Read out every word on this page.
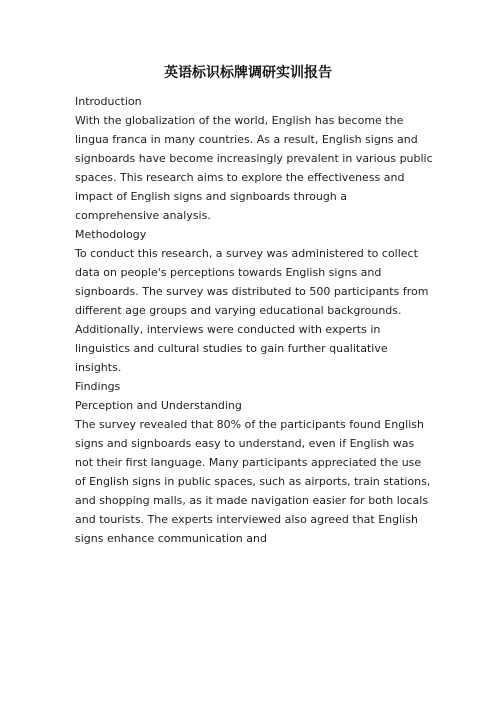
英语标识标牌调研实训报告

Introduction

With the globalization of the world, English has become the lingua franca in many countries. As a result, English signs and signboards have become increasingly prevalent in various public spaces. This research aims to explore the effectiveness and impact of English signs and signboards through a comprehensive analysis.

Methodology

To conduct this research, a survey was administered to collect data on people's perceptions towards English signs and signboards. The survey was distributed to 500 participants from different age groups and varying educational backgrounds. Additionally, interviews were conducted with experts in linguistics and cultural studies to gain further qualitative insights.

Findings

Perception and Understanding

The survey revealed that 80% of the participants found English signs and signboards easy to understand, even if English was not their first language. Many participants appreciated the use of English signs in public spaces, such as airports, train stations, and shopping malls, as it made navigation easier for both locals and tourists. The experts interviewed also agreed that English signs enhance communication and
